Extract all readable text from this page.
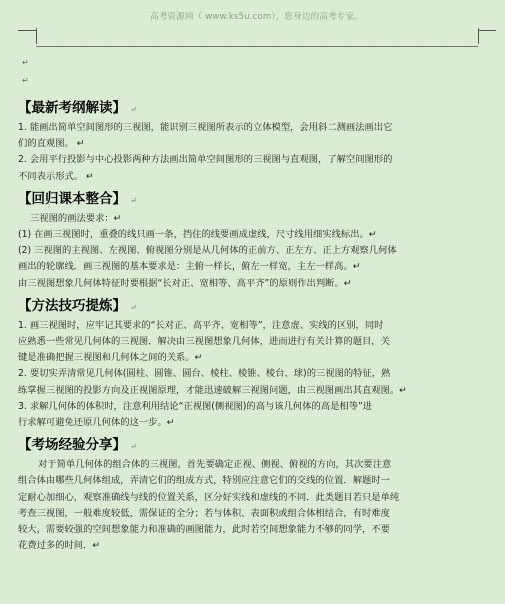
高考资源网（ www.ks5u.com），您身边的高考专家。
↵
↵
【最新考纲解读】 ↵
1. 能画出简单空间图形的三视图，能识别三视图所表示的立体模型，会用斜二测画法画出它
们的直观图。 ↵
2. 会用平行投影与中心投影两种方法画出简单空间图形的三视图与直观图，了解空间图形的
不同表示形式。 ↵
【回归课本整合】 ↵
三视图的画法要求：↵
(1) 在画三视图时，重叠的线只画一条，挡住的线要画成虚线，尺寸线用细实线标出。↵
(2) 三视图的主视图、左视图、俯视图分别是从几何体的正前方、正左方、正上方观察几何体
画出的轮廓线．画三视图的基本要求是：主俯一样长，俯左一样宽，主左一样高。↵
由三视图想象几何体特征时要根据“长对正、宽相等、高平齐”的原则作出判断。↵
【方法技巧提炼】 ↵
1. 画三视图时，应牢记其要求的“长对正、高平齐、宽相等”，注意虚、实线的区别，同时
应熟悉一些常见几何体的三视图．解决由三视图想象几何体，进而进行有关计算的题目，关
键是准确把握三视图和几何体之间的关系。↵
2. 要切实弄清常见几何体(圆柱、圆锥、圆台、棱柱、棱锥、棱台、球)的三视图的特征，熟
练掌握三视图的投影方向及正视图原理，才能迅速破解三视图问题，由三视图画出其直观图。↵
3. 求解几何体的体积时，注意利用结论“正视图(侧视图)的高与该几何体的高是相等”进
行求解可避免还原几何体的这一步。↵
【考场经验分享】 ↵
对于简单几何体的组合体的三视图，首先要确定正视、侧视、俯视的方向，其次要注意
组合体由哪些几何体组成，弄清它们的组成方式，特别应注意它们的交线的位置．解题时一
定耐心加细心，观察准确线与线的位置关系，区分好实线和虚线的不同．此类题目若只是单纯
考查三视图，一般难度较低，需保证的全分；若与体积、表面积或组合体相结合，有时难度
较大，需要较强的空间想象能力和准确的画图能力，此时若空间想象能力不够的同学，不要
花费过多的时间．↵
